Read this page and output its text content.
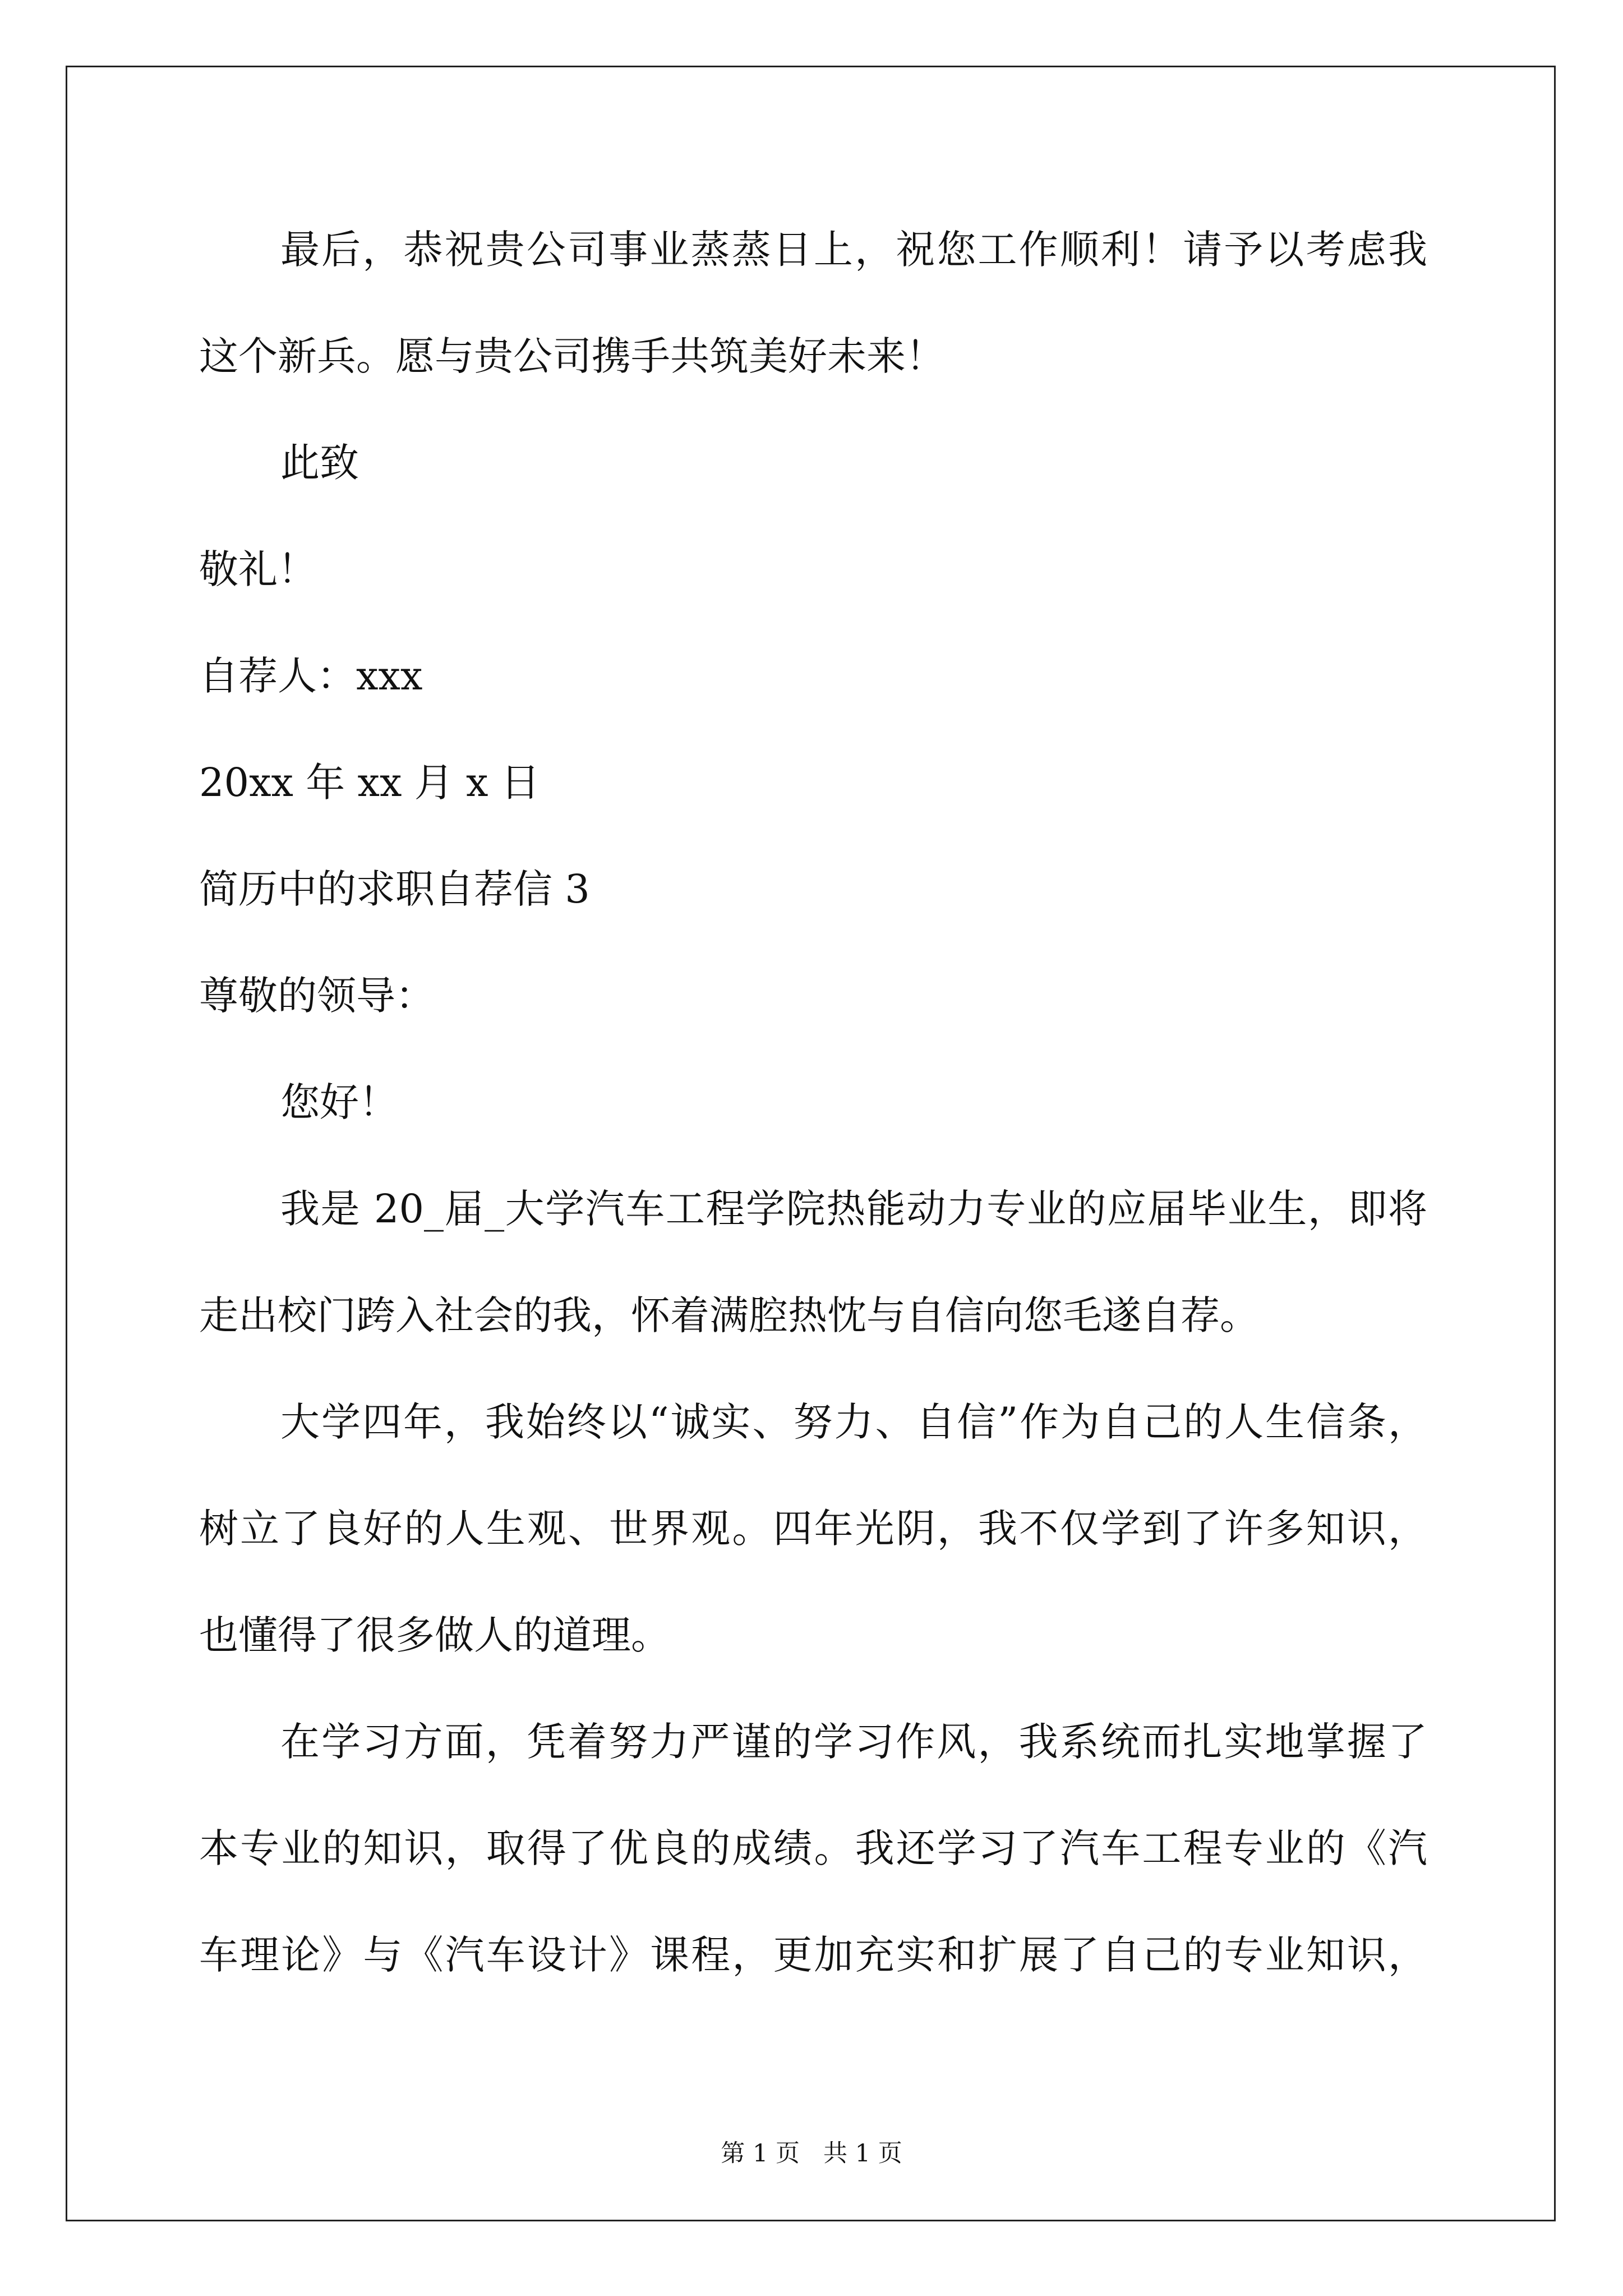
最后，恭祝贵公司事业蒸蒸日上，祝您工作顺利！请予以考虑我
这个新兵。愿与贵公司携手共筑美好未来！
此致
敬礼！
自荐人：xxx
20xx 年 xx 月 x 日
简历中的求职自荐信 3
尊敬的领导：
您好！
我是 20_届_大学汽车工程学院热能动力专业的应届毕业生，即将
走出校门跨入社会的我，怀着满腔热忱与自信向您毛遂自荐。
大学四年，我始终以“诚实、努力、自信”作为自己的人生信条，
树立了良好的人生观、世界观。四年光阴，我不仅学到了许多知识，
也懂得了很多做人的道理。
在学习方面，凭着努力严谨的学习作风，我系统而扎实地掌握了
本专业的知识，取得了优良的成绩。我还学习了汽车工程专业的《汽
车理论》与《汽车设计》课程，更加充实和扩展了自己的专业知识，
第 1 页 共 1 页
